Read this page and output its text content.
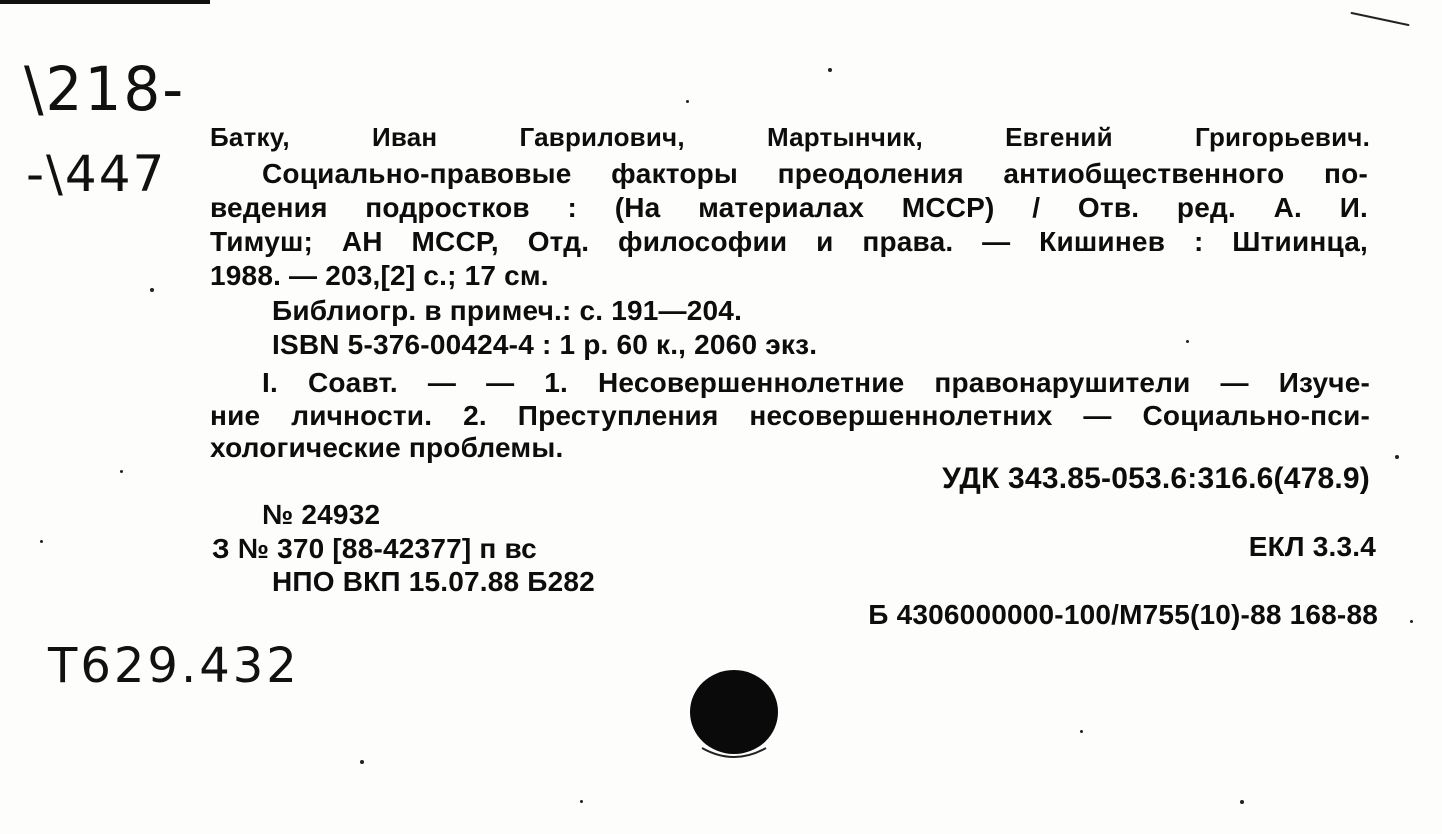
\218-
-\447
T629.432
Батку, Иван Гаврилович, Мартынчик, Евгений Григорьевич.
Социально-правовые факторы преодоления антиобщественного по-
ведения подростков : (На материалах МССР) / Отв. ред. А. И.
Тимуш; АН МССР, Отд. философии и права. — Кишинев : Штиинца,
1988. — 203,[2] с.; 17 см.
Библиогр. в примеч.: с. 191—204.
ISBN 5-376-00424-4 : 1 р. 60 к., 2060 экз.
I. Соавт. — — 1. Несовершеннолетние правонарушители — Изуче-
ние личности. 2. Преступления несовершеннолетних — Социально-пси-
хологические проблемы.
УДК 343.85-053.6:316.6(478.9)
№ 24932
З № 370 [88-42377] п вс	ЕКЛ 3.3.4
НПО ВКП 15.07.88 Б282
Б 4306000000-100/М755(10)-88 168-88
